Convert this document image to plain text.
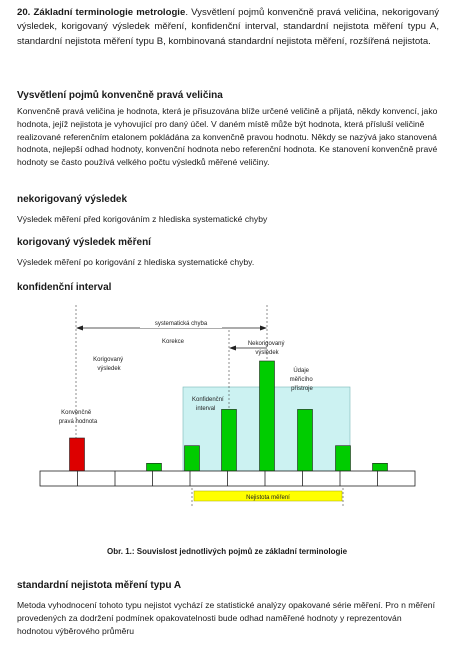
20. Základní terminologie metrologie. Vysvětlení pojmů konvenčně pravá veličina, nekorigovaný výsledek, korigovaný výsledek měření, konfidenční interval, standardní nejistota měření typu A, standardní nejistota měření typu B, kombinovaná standardní nejistota měření, rozšířená nejistota.
Vysvětlení pojmů konvenčně pravá veličina
Konvenčně pravá veličina je hodnota, která je přisuzována blíže určené veličině a přijatá, někdy konvencí, jako hodnota, jejíž nejistota je vyhovující pro daný účel. V daném místě může být hodnota, která přísluší veličině realizované referenčním etalonem pokládána za konvenčně pravou hodnotu. Někdy se nazývá jako stanovená hodnota, nejlepší odhad hodnoty, konvenční hodnota nebo referenční hodnota. Ke stanovení konvenčně pravé hodnoty se často používá velkého počtu výsledků měřené veličiny.
nekorigovaný výsledek
Výsledek měření před korigováním z hlediska systematické chyby
korigovaný výsledek měření
Výsledek měření po korigování z hlediska systematické chyby.
konfidenční interval
systematická chyba
Korekce
Korigovaný výsledek
Nekorigovaný výsledek
Údaje měřicího přístroje
Konfidenční interval
Konvenčně pravá hodnota
Nejistota měření
Obr. 1.: Souvislost jednotlivých pojmů ze základní terminologie
standardní nejistota měření typu A
Metoda vyhodnocení tohoto typu nejistot vychází ze statistické analýzy opakované série měření. Pro n měření provedených za dodržení podmínek opakovatelnosti bude odhad naměřené hodnoty y reprezentován hodnotou výběrového průměru
